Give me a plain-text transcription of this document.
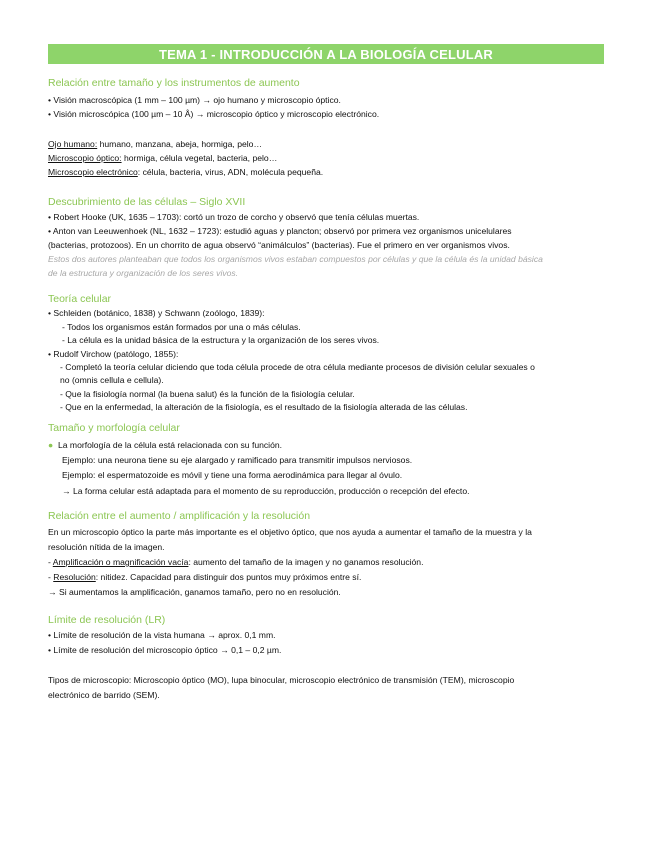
TEMA 1 - INTRODUCCIÓN A LA BIOLOGÍA CELULAR
Relación entre tamaño y los instrumentos de aumento
• Visión macroscópica (1 mm – 100 µm) → ojo humano y microscopio óptico.
• Visión microscópica (100 µm – 10 Å) → microscopio óptico y microscopio electrónico.
Ojo humano: humano, manzana, abeja, hormiga, pelo…
Microscopio óptico: hormiga, célula vegetal, bacteria, pelo…
Microscopio electrónico: célula, bacteria, virus, ADN, molécula pequeña.
Descubrimiento de las células – Siglo XVII
• Robert Hooke (UK, 1635 – 1703): cortó un trozo de corcho y observó que tenía células muertas.
• Anton van Leeuwenhoek (NL, 1632 – 1723): estudió aguas y plancton; observó por primera vez organismos unicelulares
(bacterias, protozoos). En un chorrito de agua observó “animálculos” (bacterias). Fue el primero en ver organismos vivos.
Estos dos autores planteaban que todos los organismos vivos estaban compuestos por células y que la célula és la unidad básica
de la estructura y organización de los seres vivos.
Teoría celular
• Schleiden (botánico, 1838) y Schwann (zoólogo, 1839):
- Todos los organismos están formados por una o más células.
- La célula es la unidad básica de la estructura y la organización de los seres vivos.
• Rudolf Virchow (patólogo, 1855):
- Completó la teoría celular diciendo que toda célula procede de otra célula mediante procesos de división celular sexuales o
no (omnis cellula e cellula).
- Que la fisiología normal (la buena salut) és la función de la fisiología celular.
- Que en la enfermedad, la alteración de la fisiología, es el resultado de la fisiología alterada de las células.
Tamaño y morfología celular
● La morfología de la célula está relacionada con su función.
Ejemplo: una neurona tiene su eje alargado y ramificado para transmitir impulsos nerviosos.
Ejemplo: el espermatozoide es móvil y tiene una forma aerodinámica para llegar al óvulo.
→ La forma celular está adaptada para el momento de su reproducción, producción o recepción del efecto.
Relación entre el aumento / amplificación y la resolución
En un microscopio óptico la parte más importante es el objetivo óptico, que nos ayuda a aumentar el tamaño de la muestra y la
resolución nítida de la imagen.
- Amplificación o magnificación vacía: aumento del tamaño de la imagen y no ganamos resolución.
- Resolución: nitidez. Capacidad para distinguir dos puntos muy próximos entre sí.
→ Si aumentamos la amplificación, ganamos tamaño, pero no en resolución.
Límite de resolución (LR)
• Límite de resolución de la vista humana → aprox. 0,1 mm.
• Límite de resolución del microscopio óptico → 0,1 – 0,2 µm.
Tipos de microscopio: Microscopio óptico (MO), lupa binocular, microscopio electrónico de transmisión (TEM), microscopio
electrónico de barrido (SEM).
